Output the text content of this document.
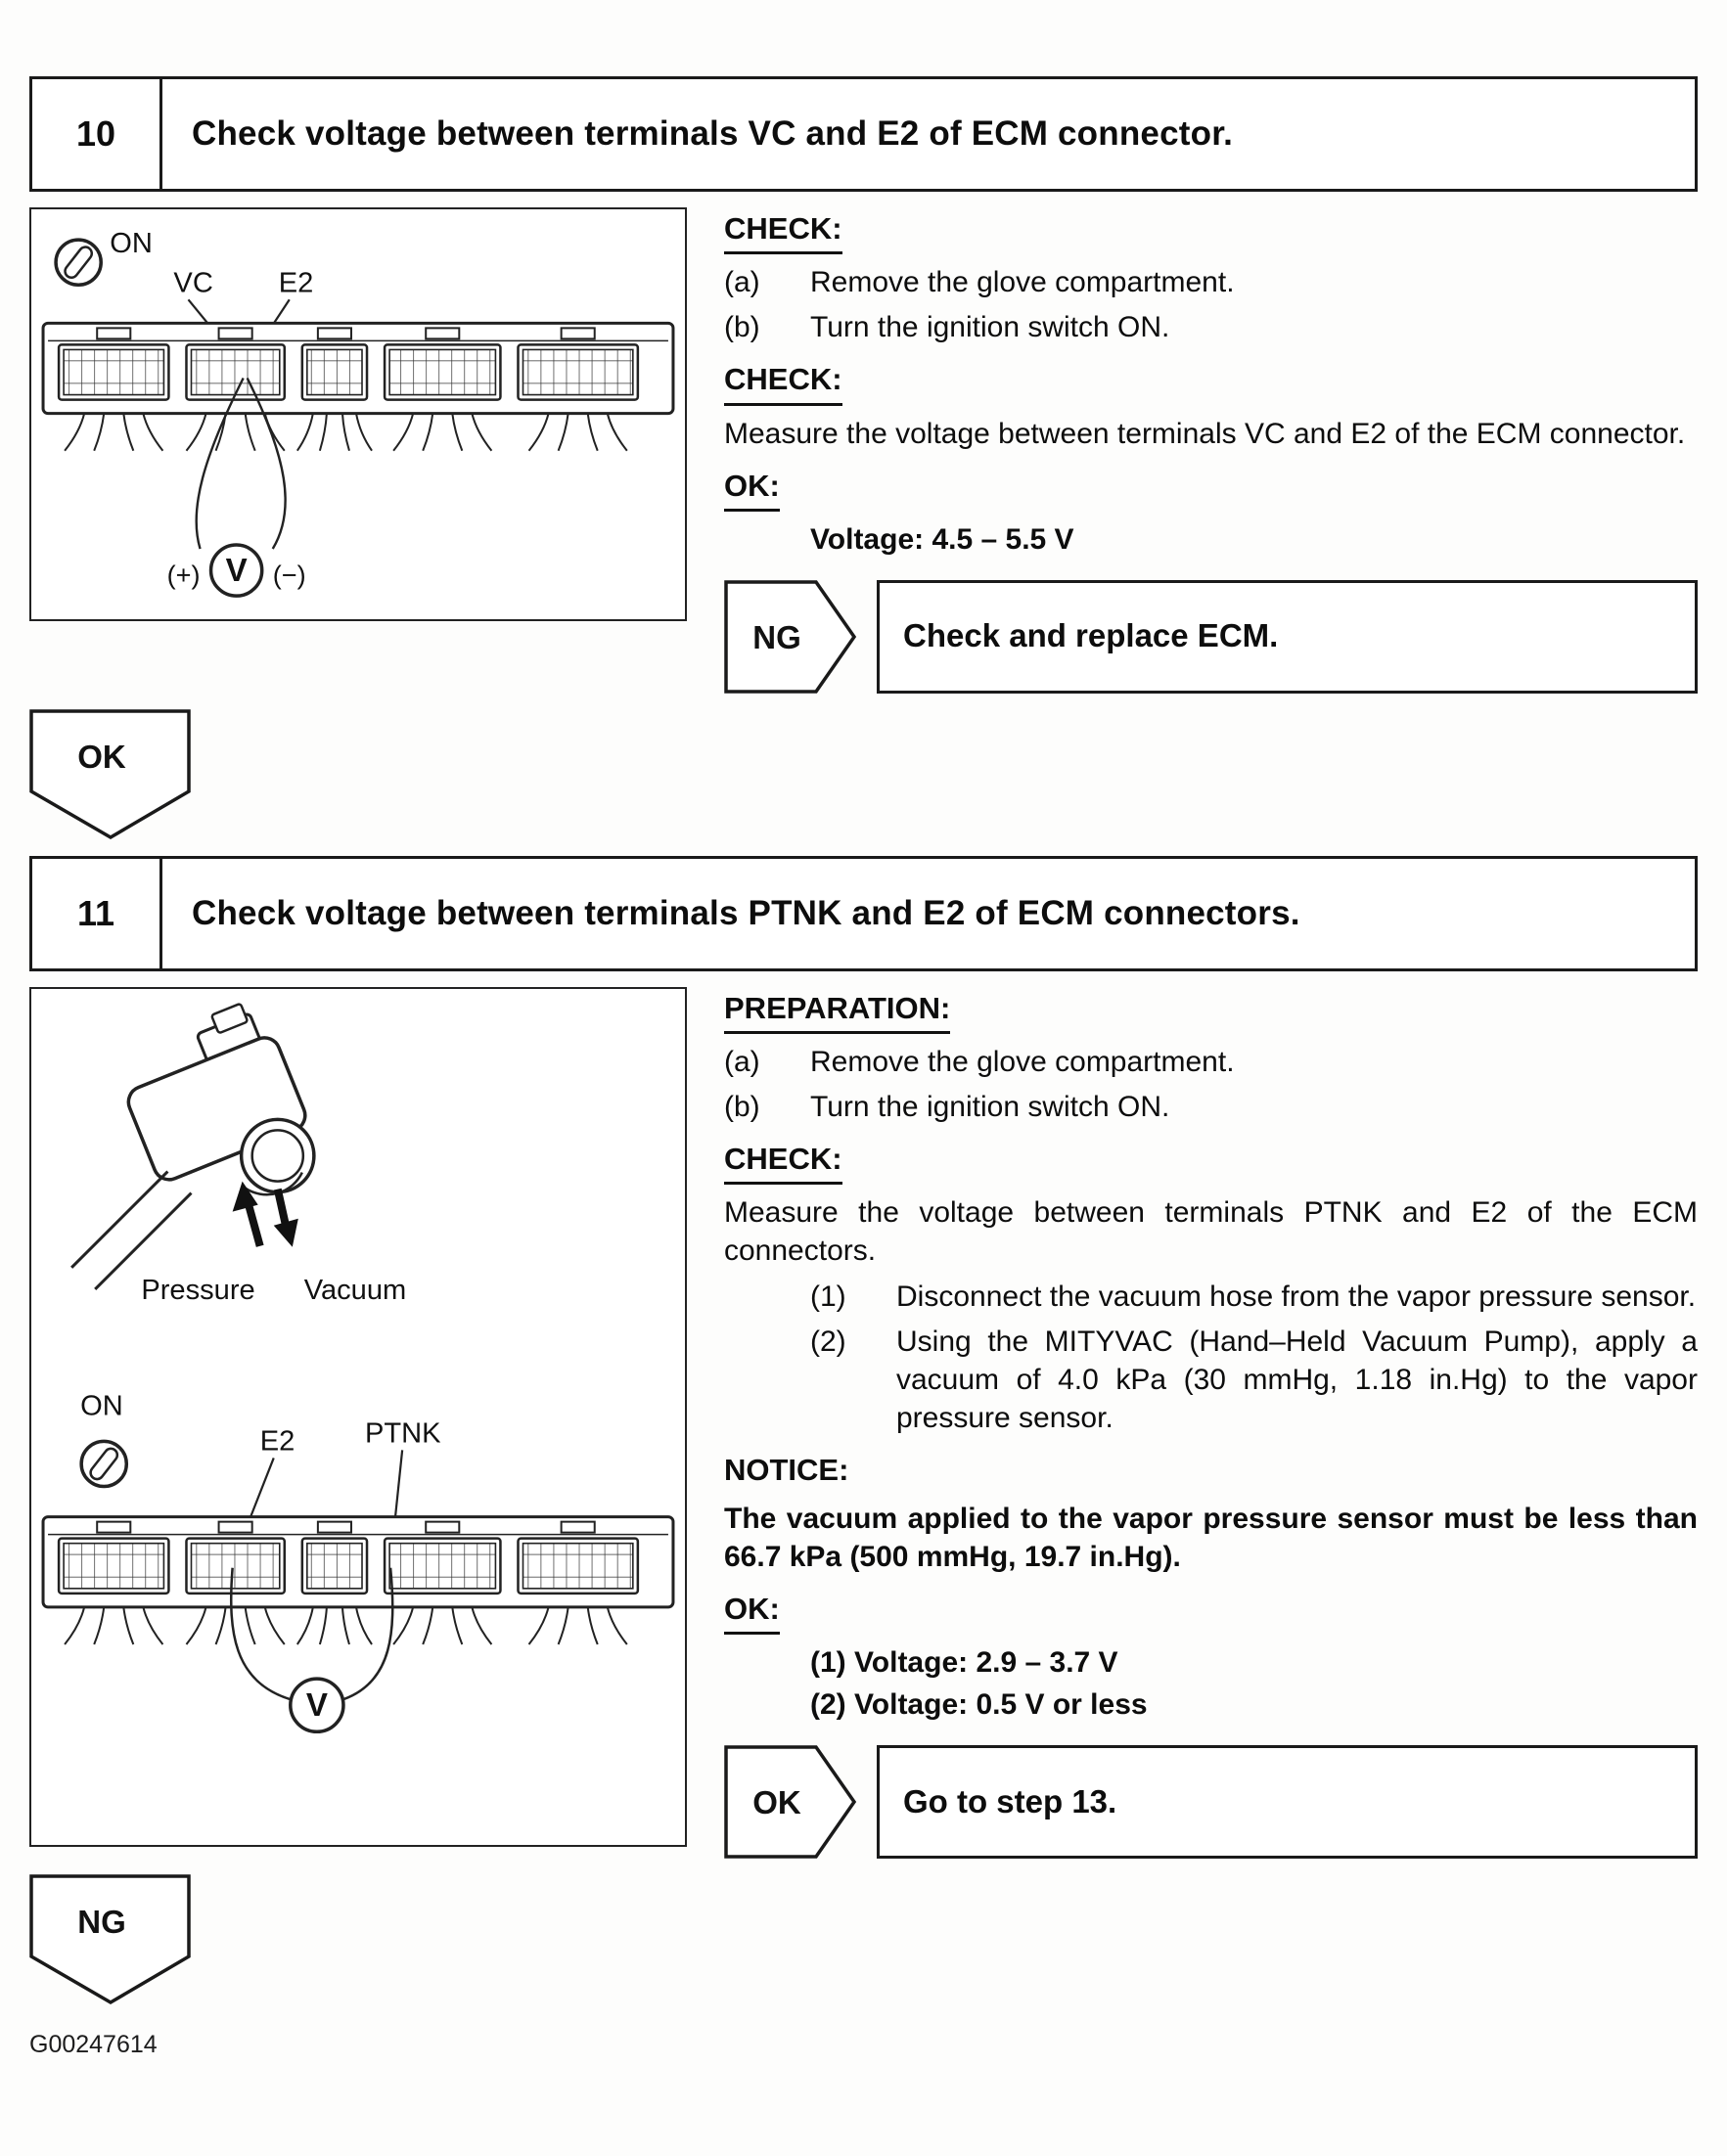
10	Check voltage between terminals VC and E2 of ECM connector.
ON
VC E2
V
(+)	(−)
CHECK:
(a)	Remove the glove compartment.
(b)	Turn the ignition switch ON.
CHECK:

Measure the voltage between terminals VC and E2 of the ECM connector.

OK:
Voltage: 4.5 – 5.5 V
NG	Check and replace ECM.
OK
11	Check voltage between terminals PTNK and E2 of ECM connectors.
Pressure Vacuum
ON
E2 PTNK
V
PREPARATION:
(a)	Remove the glove compartment.
(b)	Turn the ignition switch ON.
CHECK:

Measure the voltage between terminals PTNK and E2 of the ECM connectors.

(1)	Disconnect the vacuum hose from the vapor pressure sensor.
(2)	Using the MITYVAC (Hand–Held Vacuum Pump), apply a vacuum of 4.0 kPa (30 mmHg, 1.18 in.Hg) to the vapor pressure sensor.
NOTICE:

The vacuum applied to the vapor pressure sensor must be less than 66.7 kPa (500 mmHg, 19.7 in.Hg).

OK:
(1) Voltage: 2.9 – 3.7 V
(2) Voltage: 0.5 V or less
OK	Go to step 13.
NG
G00247614
